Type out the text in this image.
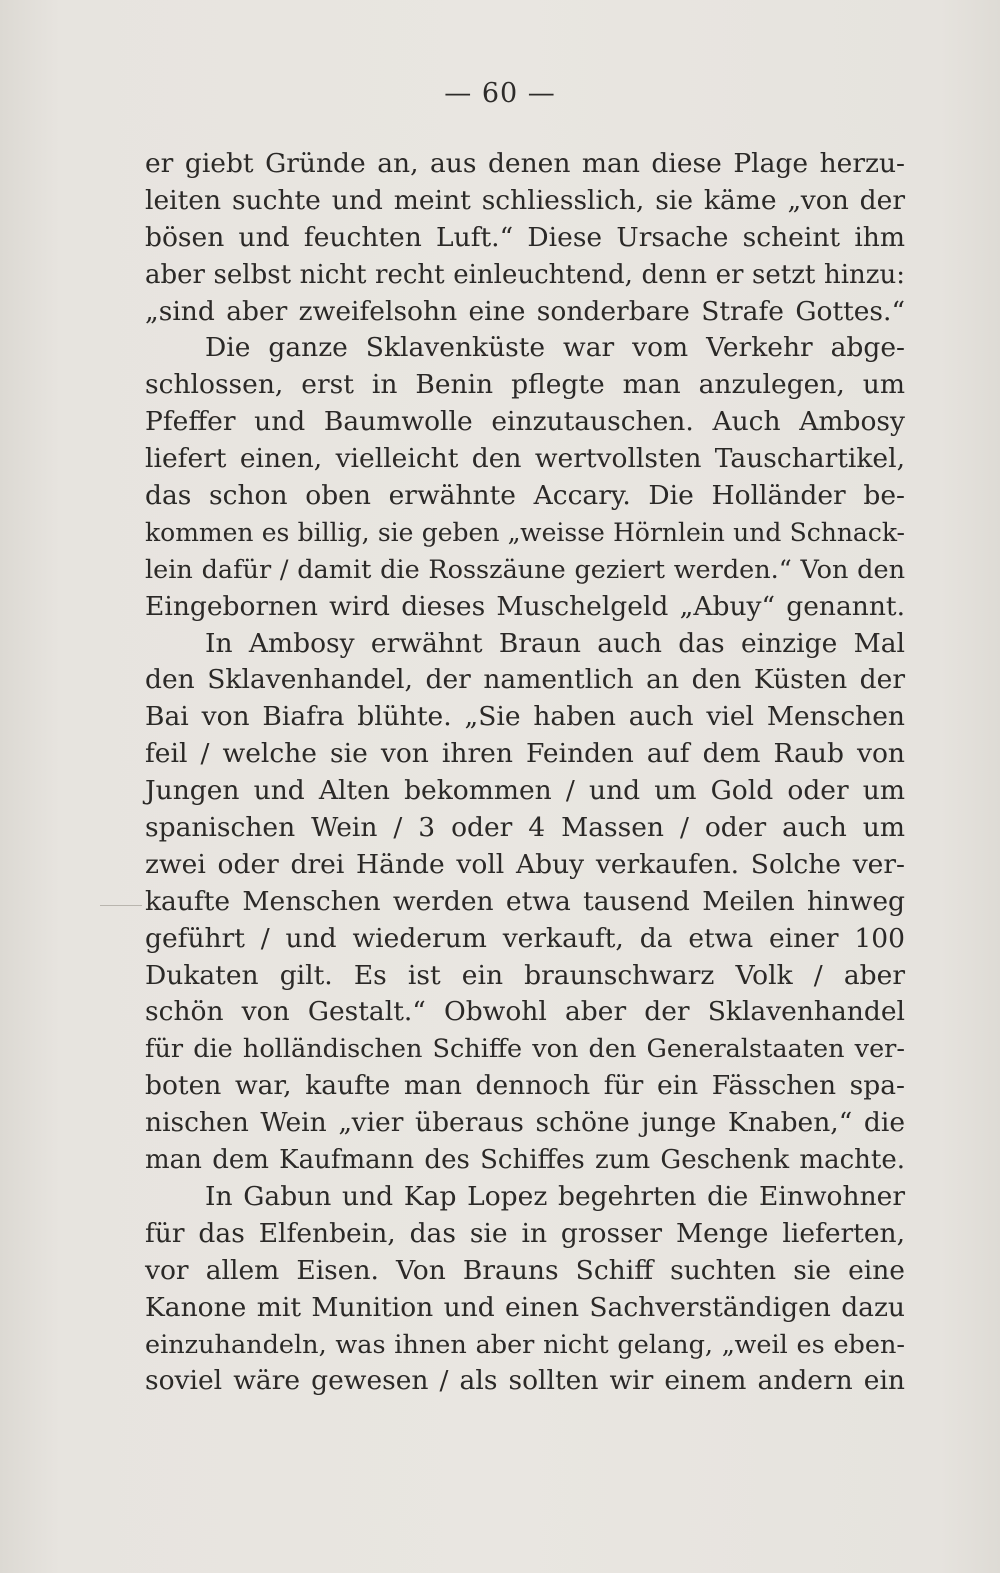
— 60 —
er giebt Gründe an, aus denen man diese Plage herzu-
leiten suchte und meint schliesslich, sie käme „von der
bösen und feuchten Luft.“ Diese Ursache scheint ihm
aber selbst nicht recht einleuchtend, denn er setzt hinzu:
„sind aber zweifelsohn eine sonderbare Strafe Gottes.“
Die ganze Sklavenküste war vom Verkehr abge-
schlossen, erst in Benin pflegte man anzulegen, um
Pfeffer und Baumwolle einzutauschen. Auch Ambosy
liefert einen, vielleicht den wertvollsten Tauschartikel,
das schon oben erwähnte Accary. Die Holländer be-
kommen es billig, sie geben „weisse Hörnlein und Schnack-
lein dafür / damit die Rosszäune geziert werden.“ Von den
Eingebornen wird dieses Muschelgeld „Abuy“ genannt.
In Ambosy erwähnt Braun auch das einzige Mal
den Sklavenhandel, der namentlich an den Küsten der
Bai von Biafra blühte. „Sie haben auch viel Menschen
feil / welche sie von ihren Feinden auf dem Raub von
Jungen und Alten bekommen / und um Gold oder um
spanischen Wein / 3 oder 4 Massen / oder auch um
zwei oder drei Hände voll Abuy verkaufen. Solche ver-
kaufte Menschen werden etwa tausend Meilen hinweg
geführt / und wiederum verkauft, da etwa einer 100
Dukaten gilt. Es ist ein braunschwarz Volk / aber
schön von Gestalt.“ Obwohl aber der Sklavenhandel
für die holländischen Schiffe von den Generalstaaten ver-
boten war, kaufte man dennoch für ein Fässchen spa-
nischen Wein „vier überaus schöne junge Knaben,“ die
man dem Kaufmann des Schiffes zum Geschenk machte.
In Gabun und Kap Lopez begehrten die Einwohner
für das Elfenbein, das sie in grosser Menge lieferten,
vor allem Eisen. Von Brauns Schiff suchten sie eine
Kanone mit Munition und einen Sachverständigen dazu
einzuhandeln, was ihnen aber nicht gelang, „weil es eben-
soviel wäre gewesen / als sollten wir einem andern ein
